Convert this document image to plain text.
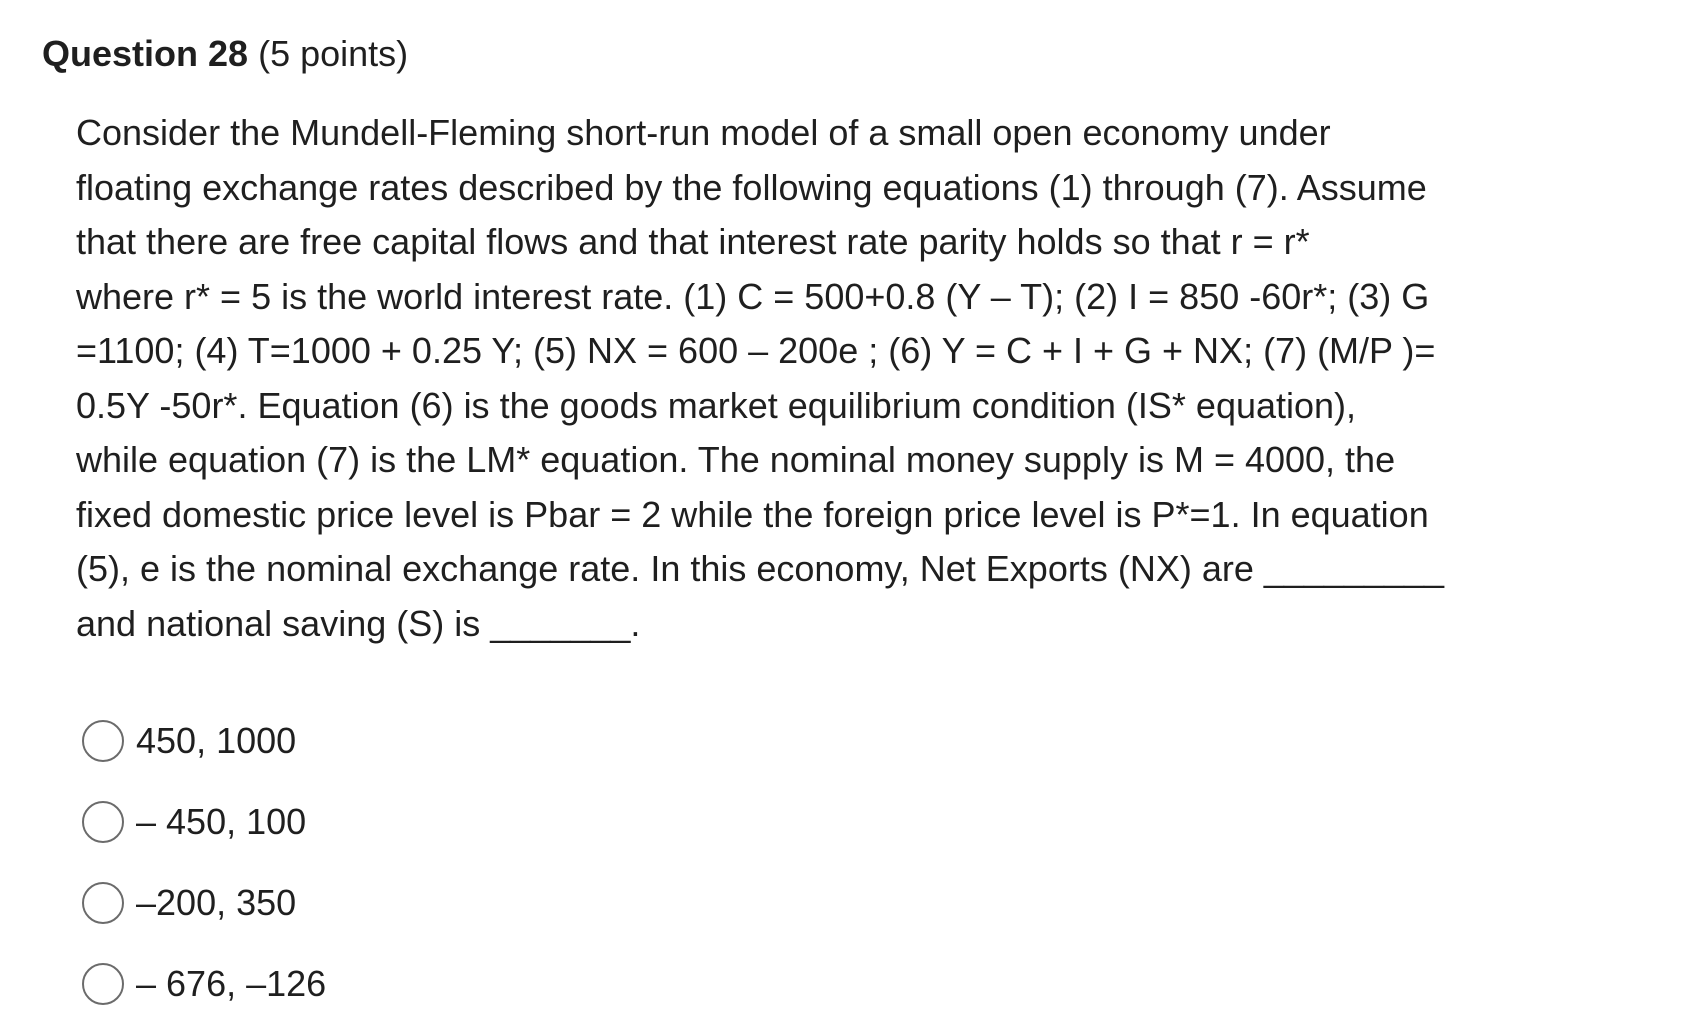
Question 28 (5 points)

Consider the Mundell-Fleming short-run model of a small open economy under
floating exchange rates described by the following equations (1) through (7). Assume
that there are free capital flows and that interest rate parity holds so that r = r*
where r* = 5 is the world interest rate. (1) C = 500+0.8 (Y – T); (2) I = 850 -60r*; (3) G
=1100; (4) T=1000 + 0.25 Y; (5) NX = 600 – 200e ; (6) Y = C + I + G + NX; (7) (M/P )=
0.5Y -50r*. Equation (6) is the goods market equilibrium condition (IS* equation),
while equation (7) is the LM* equation. The nominal money supply is M = 4000, the
fixed domestic price level is Pbar = 2 while the foreign price level is P*=1. In equation
(5), e is the nominal exchange rate. In this economy, Net Exports (NX) are _________
and national saving (S) is _______.

450, 1000
– 450, 100
–200, 350
– 676, –126
